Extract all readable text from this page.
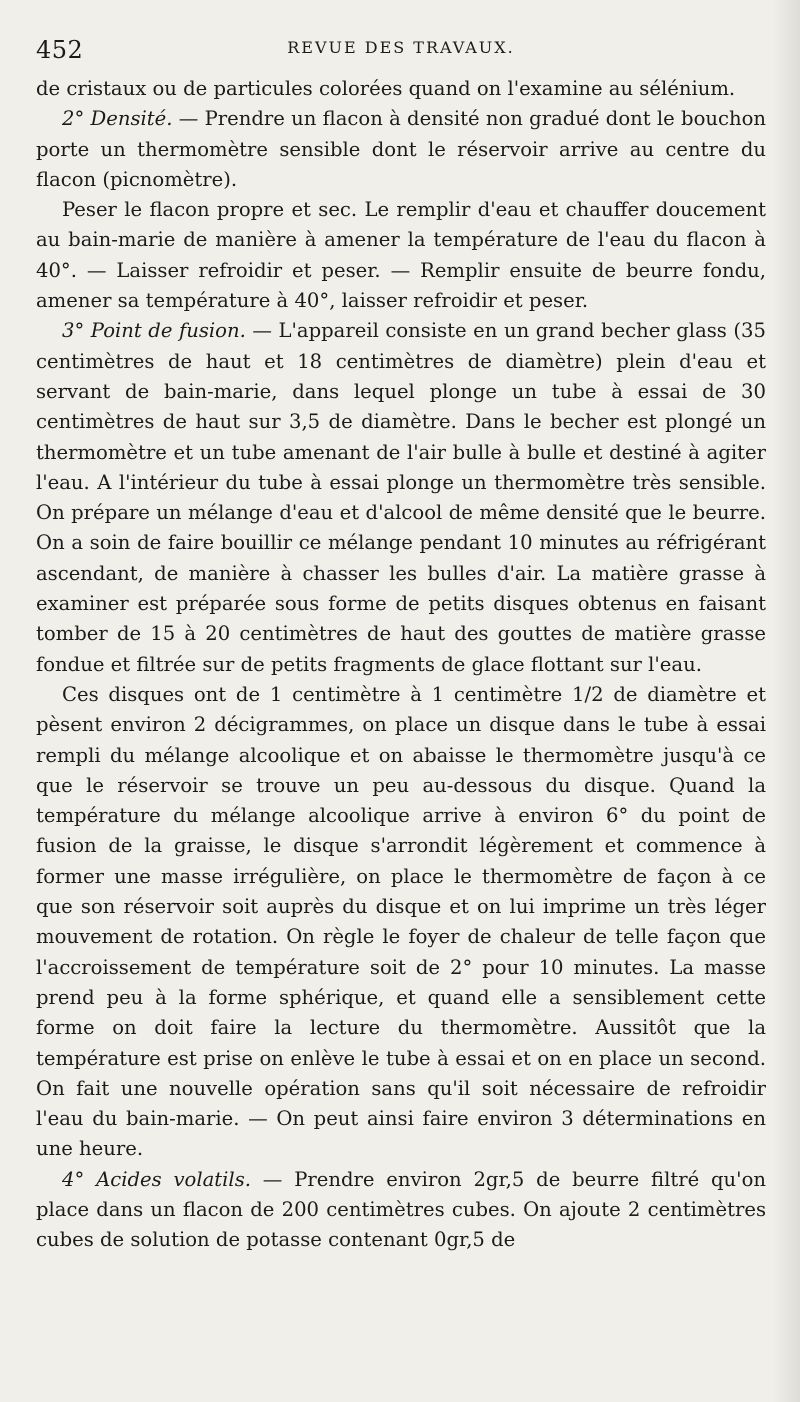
452	REVUE DES TRAVAUX.

de cristaux ou de particules colorées quand on l'examine au sélénium.

2° Densité. — Prendre un flacon à densité non gradué dont le bouchon porte un thermomètre sensible dont le réservoir arrive au centre du flacon (picnomètre).

Peser le flacon propre et sec. Le remplir d'eau et chauffer doucement au bain-marie de manière à amener la température de l'eau du flacon à 40°. — Laisser refroidir et peser. — Remplir ensuite de beurre fondu, amener sa température à 40°, laisser refroidir et peser.

3° Point de fusion. — L'appareil consiste en un grand becher glass (35 centimètres de haut et 18 centimètres de diamètre) plein d'eau et servant de bain-marie, dans lequel plonge un tube à essai de 30 centimètres de haut sur 3,5 de diamètre. Dans le becher est plongé un thermomètre et un tube amenant de l'air bulle à bulle et destiné à agiter l'eau. A l'intérieur du tube à essai plonge un thermomètre très sensible. On prépare un mélange d'eau et d'alcool de même densité que le beurre. On a soin de faire bouillir ce mélange pendant 10 minutes au réfrigérant ascendant, de manière à chasser les bulles d'air. La matière grasse à examiner est préparée sous forme de petits disques obtenus en faisant tomber de 15 à 20 centimètres de haut des gouttes de matière grasse fondue et filtrée sur de petits fragments de glace flottant sur l'eau.

Ces disques ont de 1 centimètre à 1 centimètre 1/2 de diamètre et pèsent environ 2 décigrammes, on place un disque dans le tube à essai rempli du mélange alcoolique et on abaisse le thermomètre jusqu'à ce que le réservoir se trouve un peu au-dessous du disque. Quand la température du mélange alcoolique arrive à environ 6° du point de fusion de la graisse, le disque s'arrondit légèrement et commence à former une masse irrégulière, on place le thermomètre de façon à ce que son réservoir soit auprès du disque et on lui imprime un très léger mouvement de rotation. On règle le foyer de chaleur de telle façon que l'accroissement de température soit de 2° pour 10 minutes. La masse prend peu à la forme sphérique, et quand elle a sensiblement cette forme on doit faire la lecture du thermomètre. Aussitôt que la température est prise on enlève le tube à essai et on en place un second. On fait une nouvelle opération sans qu'il soit nécessaire de refroidir l'eau du bain-marie. — On peut ainsi faire environ 3 déterminations en une heure.

4° Acides volatils. — Prendre environ 2gr,5 de beurre filtré qu'on place dans un flacon de 200 centimètres cubes. On ajoute 2 centimètres cubes de solution de potasse contenant 0gr,5 de
